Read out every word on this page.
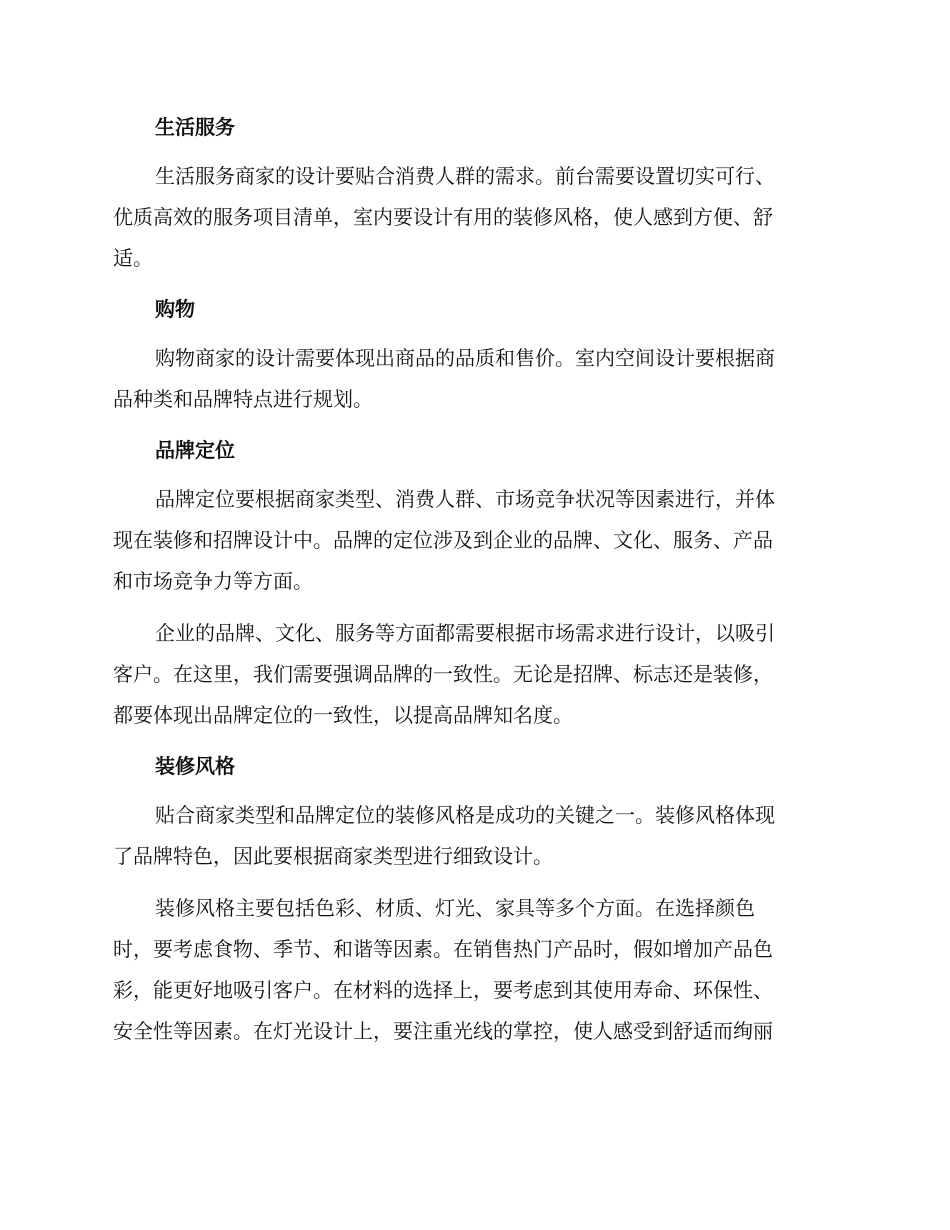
生活服务

生活服务商家的设计要贴合消费人群的需求。前台需要设置切实可行、
优质高效的服务项目清单，室内要设计有用的装修风格，使人感到方便、舒
适。

购物

购物商家的设计需要体现出商品的品质和售价。室内空间设计要根据商
品种类和品牌特点进行规划。

品牌定位

品牌定位要根据商家类型、消费人群、市场竞争状况等因素进行，并体
现在装修和招牌设计中。品牌的定位涉及到企业的品牌、文化、服务、产品
和市场竞争力等方面。

企业的品牌、文化、服务等方面都需要根据市场需求进行设计，以吸引
客户。在这里，我们需要强调品牌的一致性。无论是招牌、标志还是装修，
都要体现出品牌定位的一致性，以提高品牌知名度。

装修风格

贴合商家类型和品牌定位的装修风格是成功的关键之一。装修风格体现
了品牌特色，因此要根据商家类型进行细致设计。

装修风格主要包括色彩、材质、灯光、家具等多个方面。在选择颜色
时，要考虑食物、季节、和谐等因素。在销售热门产品时，假如增加产品色
彩，能更好地吸引客户。在材料的选择上，要考虑到其使用寿命、环保性、
安全性等因素。在灯光设计上，要注重光线的掌控，使人感受到舒适而绚丽
